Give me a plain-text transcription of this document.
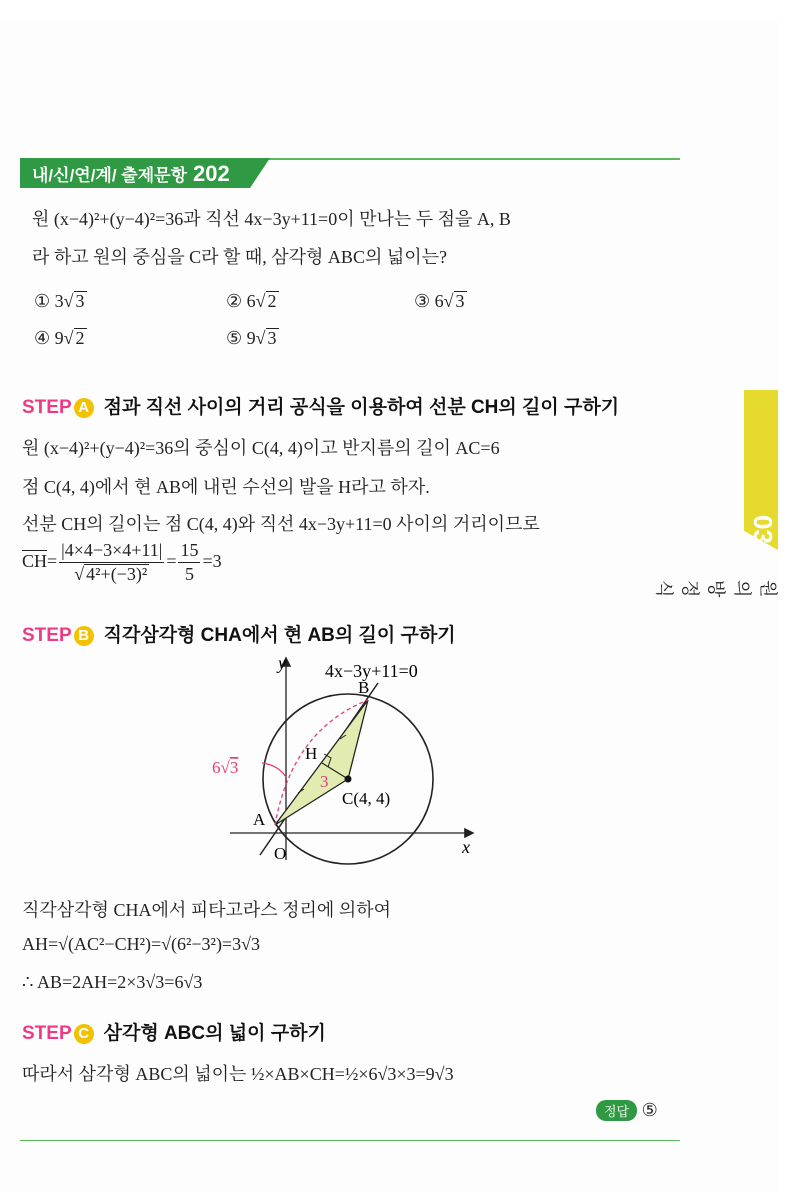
내/신/연/계/ 출제문항 202
원 (x−4)²+(y−4)²=36과 직선 4x−3y+11=0이 만나는 두 점을 A, B
라 하고 원의 중심을 C라 할 때, 삼각형 ABC의 넓이는?
① 3√ 3	② 6√ 2	③ 6√ 3
④ 9√ 2	⑤ 9√ 3
STEP A 점과 직선 사이의 거리 공식을 이용하여 선분 CH의 길이 구하기
원 (x−4)²+(y−4)²=36의 중심이 C(4, 4)이고 반지름의 길이 AC=6
점 C(4, 4)에서 현 AB에 내린 수선의 발을 H라고 하자.
선분 CH의 길이는 점 C(4, 4)와 직선 4x−3y+11=0 사이의 거리이므로
$\overline{CH}= \frac{|4\times 4-3\times 4+11|}{\text{√ 4²+(−3)²}} = \frac{15}{5} =3$
STEP B 직각삼각형 CHA에서 현 AB의 길이 구하기
4x−3y+11=0
y
x
O
A
B
H
C(4, 4)
3
6√3
직각삼각형 CHA에서 피타고라스 정리에 의하여
AH=√(AC²−CH²)=√(6²−3²)=3√3
∴ AB=2AH=2×3√3=6√3
STEP C 삼각형 ABC의 넓이 구하기
따라서 삼각형 ABC의 넓이는 ½×AB×CH=½×6√3×3=9√3
정답 ⑤
03
원의 방정식
